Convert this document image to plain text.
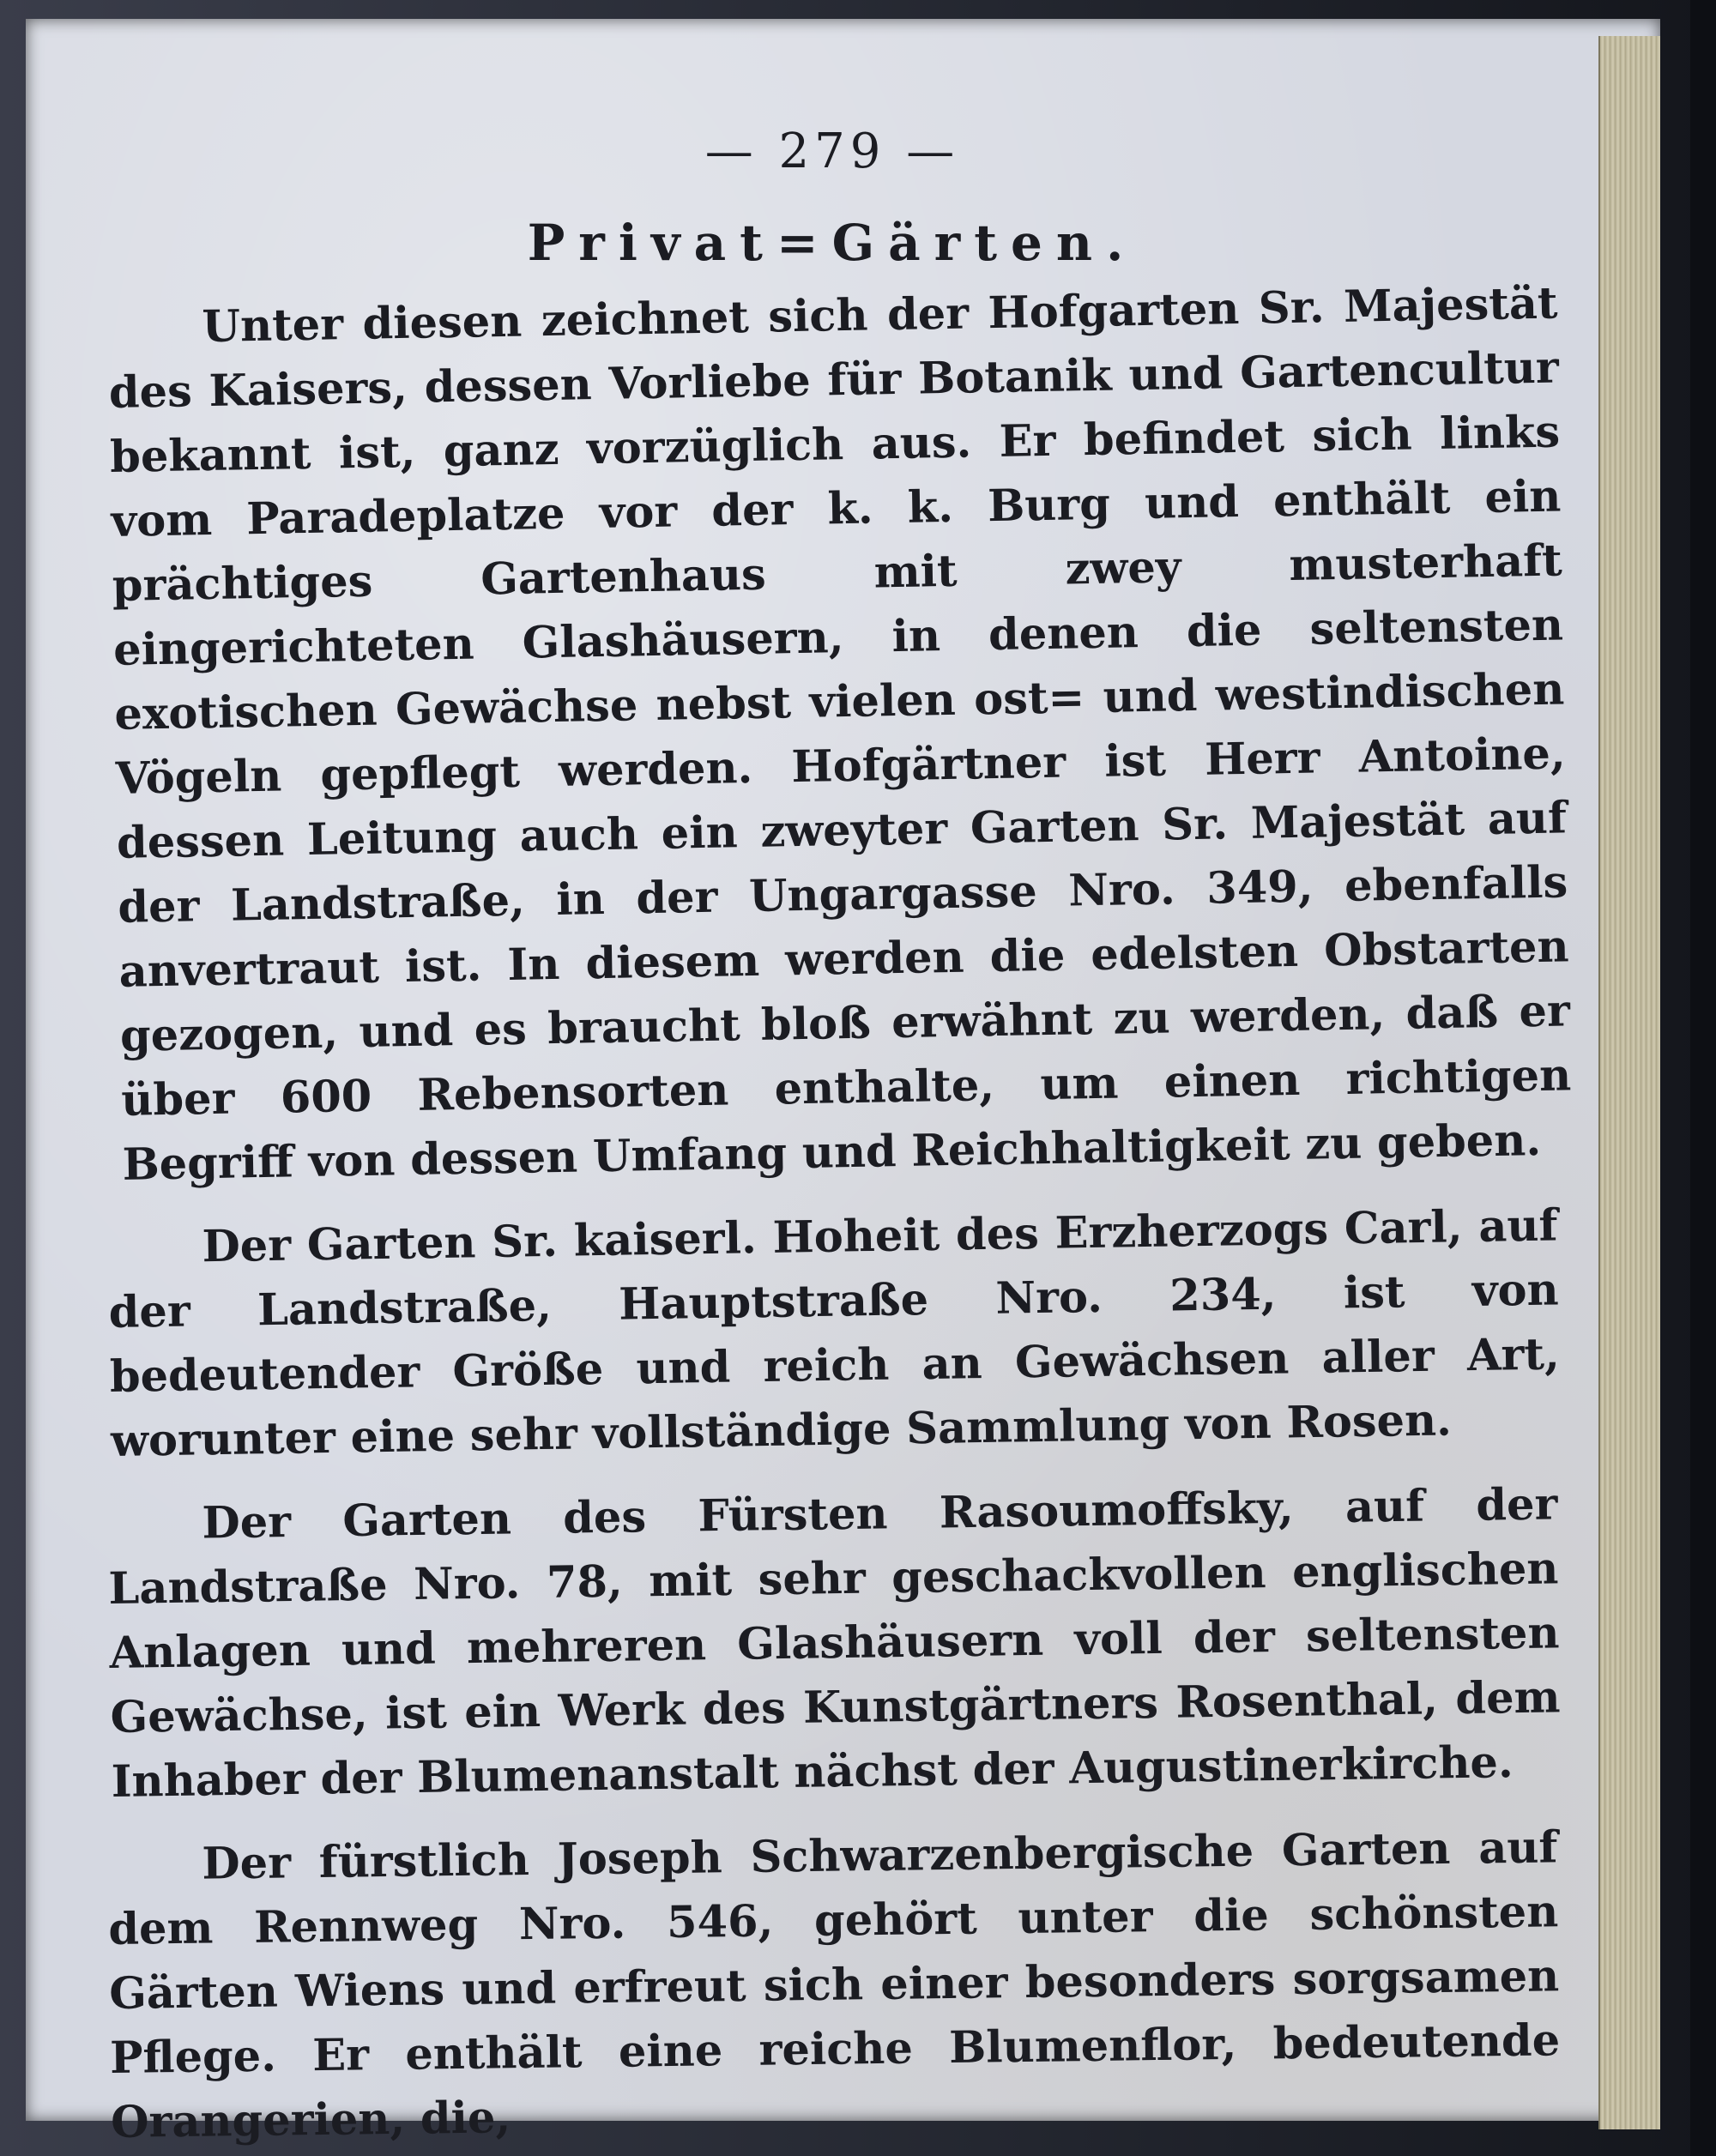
— 279 —
Privat=Gärten.

Unter diesen zeichnet sich der Hofgarten Sr. Majestät des Kaisers, dessen Vorliebe für Botanik und Gartencultur bekannt ist, ganz vorzüglich aus. Er befindet sich links vom Paradeplatze vor der k. k. Burg und enthält ein prächtiges Gartenhaus mit zwey musterhaft eingerichteten Glashäusern, in denen die seltensten exotischen Gewächse nebst vielen ost= und westindischen Vögeln gepflegt werden. Hofgärtner ist Herr Antoine, dessen Leitung auch ein zweyter Garten Sr. Majestät auf der Landstraße, in der Ungargasse Nro. 349, ebenfalls anvertraut ist. In diesem werden die edelsten Obstarten gezogen, und es braucht bloß erwähnt zu werden, daß er über 600 Rebensorten enthalte, um einen richtigen Begriff von dessen Umfang und Reichhaltigkeit zu geben.

Der Garten Sr. kaiserl. Hoheit des Erzherzogs Carl, auf der Landstraße, Hauptstraße Nro. 234, ist von bedeutender Größe und reich an Gewächsen aller Art, worunter eine sehr vollständige Sammlung von Rosen.

Der Garten des Fürsten Rasoumoffsky, auf der Landstraße Nro. 78, mit sehr geschackvollen englischen Anlagen und mehreren Glashäusern voll der seltensten Gewächse, ist ein Werk des Kunstgärtners Rosenthal, dem Inhaber der Blumenanstalt nächst der Augustinerkirche.

Der fürstlich Joseph Schwarzenbergische Garten auf dem Rennweg Nro. 546, gehört unter die schönsten Gärten Wiens und erfreut sich einer besonders sorgsamen Pflege. Er enthält eine reiche Blumenflor, bedeutende Orangerien, die,
